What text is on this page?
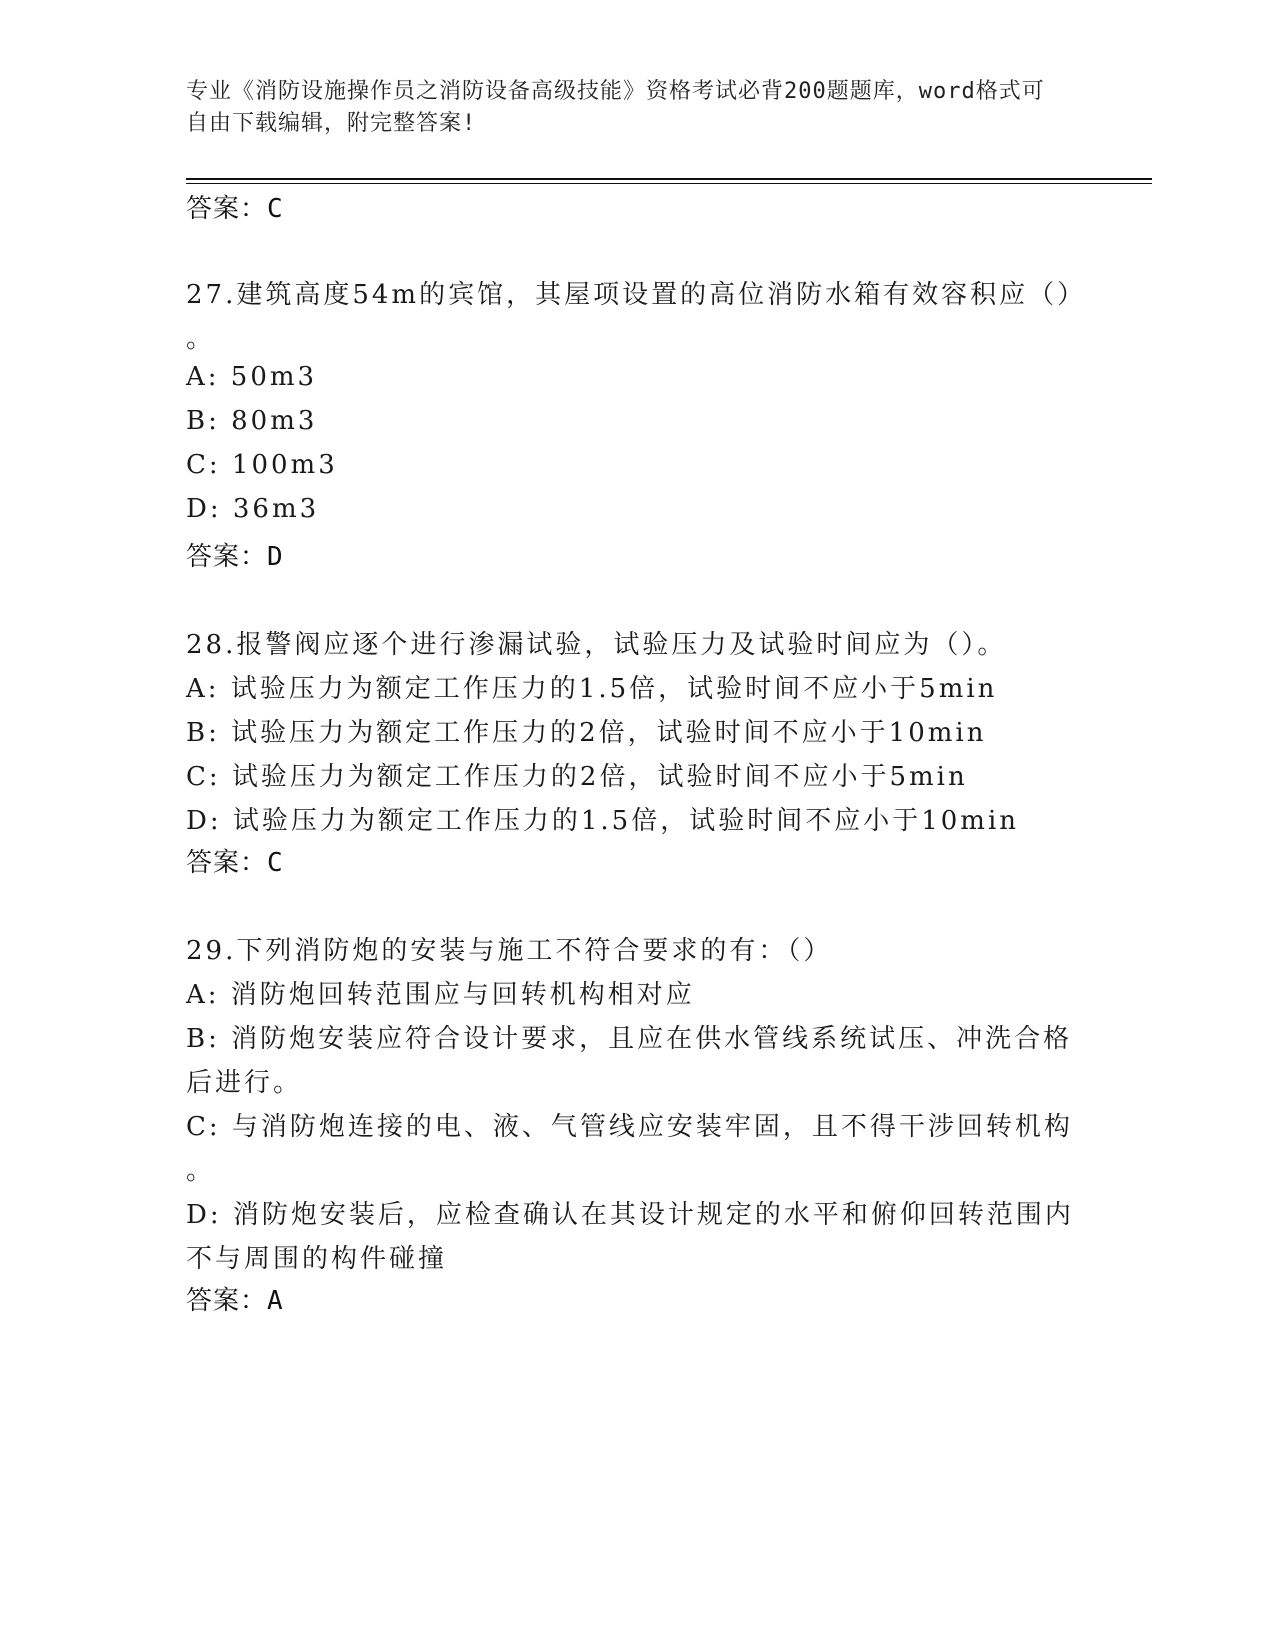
专业《消防设施操作员之消防设备高级技能》资格考试必背200题题库，word格式可自由下载编辑，附完整答案!
答案：C
27.建筑高度54m的宾馆，其屋项设置的高位消防水箱有效容积应（）
。
A: 50m3
B: 80m3
C: 100m3
D: 36m3
答案：D
28.报警阀应逐个进行渗漏试验，试验压力及试验时间应为（）。
A: 试验压力为额定工作压力的1.5倍，试验时间不应小于5min
B: 试验压力为额定工作压力的2倍，试验时间不应小于10min
C: 试验压力为额定工作压力的2倍，试验时间不应小于5min
D: 试验压力为额定工作压力的1.5倍，试验时间不应小于10min
答案：C
29.下列消防炮的安装与施工不符合要求的有：（）
A: 消防炮回转范围应与回转机构相对应
B: 消防炮安装应符合设计要求，且应在供水管线系统试压、冲洗合格
后进行。
C: 与消防炮连接的电、液、气管线应安装牢固，且不得干涉回转机构
。
D: 消防炮安装后，应检查确认在其设计规定的水平和俯仰回转范围内
不与周围的构件碰撞
答案：A
